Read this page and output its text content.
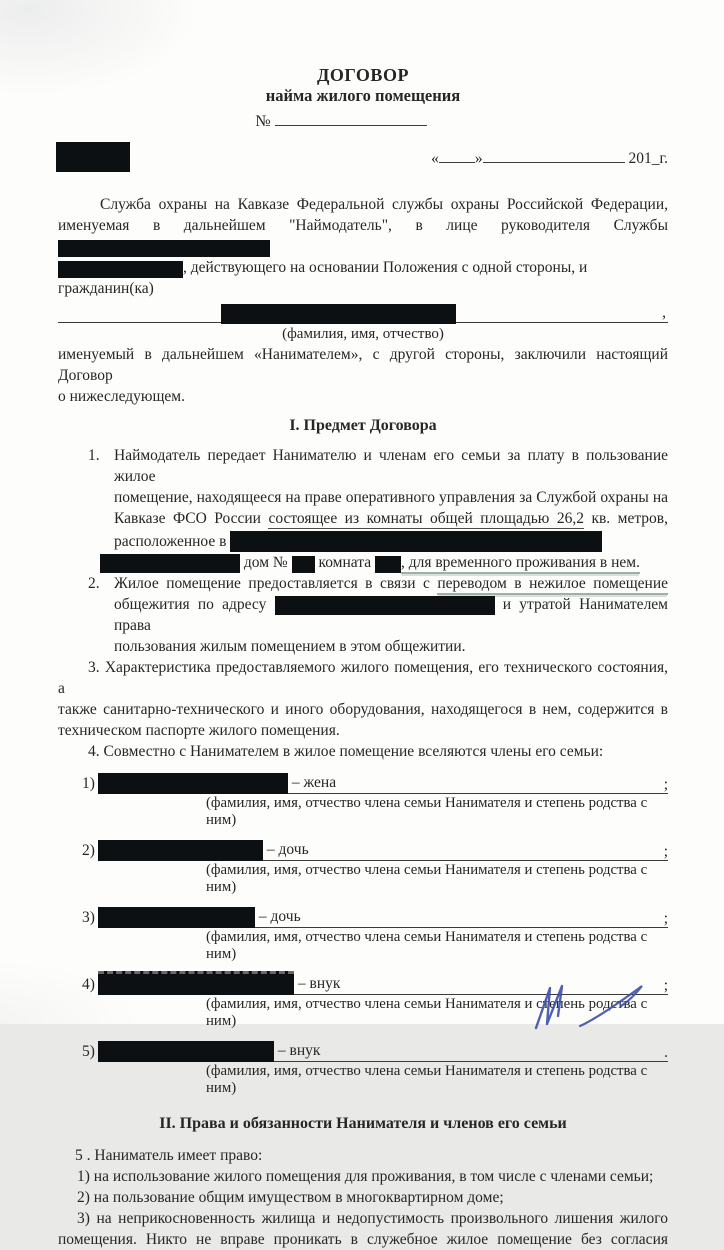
ДОГОВОР
найма жилого помещения
№
« »	201_г.
Служба охраны на Кавказе Федеральной службы охраны Российской Федерации,
именуемая в дальнейшем "Наймодатель", в лице руководителя Службы
, действующего на основании Положения с одной стороны, и гражданин(ка)
,
(фамилия, имя, отчество)
именуемый в дальнейшем «Нанимателем», с другой стороны, заключили настоящий Договор
о нижеследующем.
I. Предмет Договора
1. Наймодатель передает Нанимателю и членам его семьи за плату в пользование жилое
помещение, находящееся на праве оперативного управления за Службой охраны на
Кавказе ФСО России состоящее из комнаты общей площадью 26,2 кв. метров,
расположенное в
дом № комната , для временного проживания в нем.
2. Жилое помещение предоставляется в связи с переводом в нежилое помещение
общежития по адресу	и утратой Нанимателем права
пользования жилым помещением в этом общежитии.
3. Характеристика предоставляемого жилого помещения, его технического состояния, а
также санитарно-технического и иного оборудования, находящегося в нем, содержится в
техническом паспорте жилого помещения.
4. Совместно с Нанимателем в жилое помещение вселяются члены его семьи:
1)	– жена	;
(фамилия, имя, отчество члена семьи Нанимателя и степень родства с ним)
2)	– дочь	;
(фамилия, имя, отчество члена семьи Нанимателя и степень родства с ним)
3)	– дочь	;
(фамилия, имя, отчество члена семьи Нанимателя и степень родства с ним)
4)	– внук	;
(фамилия, имя, отчество члена семьи Нанимателя и степень родства с ним)
5)	– внук	.
(фамилия, имя, отчество члена семьи Нанимателя и степень родства с ним)
II. Права и обязанности Нанимателя и членов его семьи
5 . Наниматель имеет право:
1) на использование жилого помещения для проживания, в том числе с членами семьи;
2) на пользование общим имуществом в многоквартирном доме;
3) на неприкосновенность жилища и недопустимость произвольного лишения жилого
помещения. Никто не вправе проникать в служебное жилое помещение без согласия
